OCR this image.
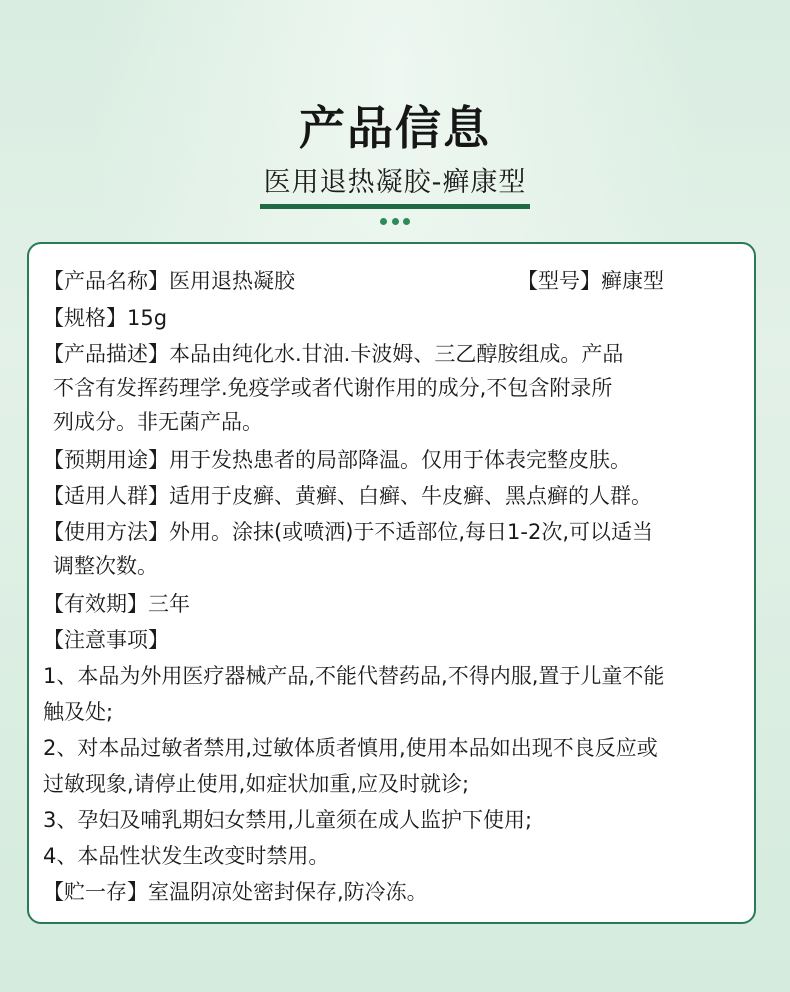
产品信息
医用退热凝胶-癣康型
【产品名称】医用退热凝胶	【型号】癣康型
【规格】15g
【产品描述】本品由纯化水.甘油.卡波姆、三乙醇胺组成。产品
不含有发挥药理学.免疫学或者代谢作用的成分,不包含附录所
列成分。非无菌产品。
【预期用途】用于发热患者的局部降温。仅用于体表完整皮肤。
【适用人群】适用于皮癣、黄癣、白癣、牛皮癣、黑点癣的人群。
【使用方法】外用。涂抹(或喷洒)于不适部位,每日1-2次,可以适当
调整次数。
【有效期】三年
【注意事项】
1、本品为外用医疗器械产品,不能代替药品,不得内服,置于儿童不能
触及处;
2、对本品过敏者禁用,过敏体质者慎用,使用本品如出现不良反应或
过敏现象,请停止使用,如症状加重,应及时就诊;
3、孕妇及哺乳期妇女禁用,儿童须在成人监护下使用;
4、本品性状发生改变时禁用。
【贮一存】室温阴凉处密封保存,防冷冻。
